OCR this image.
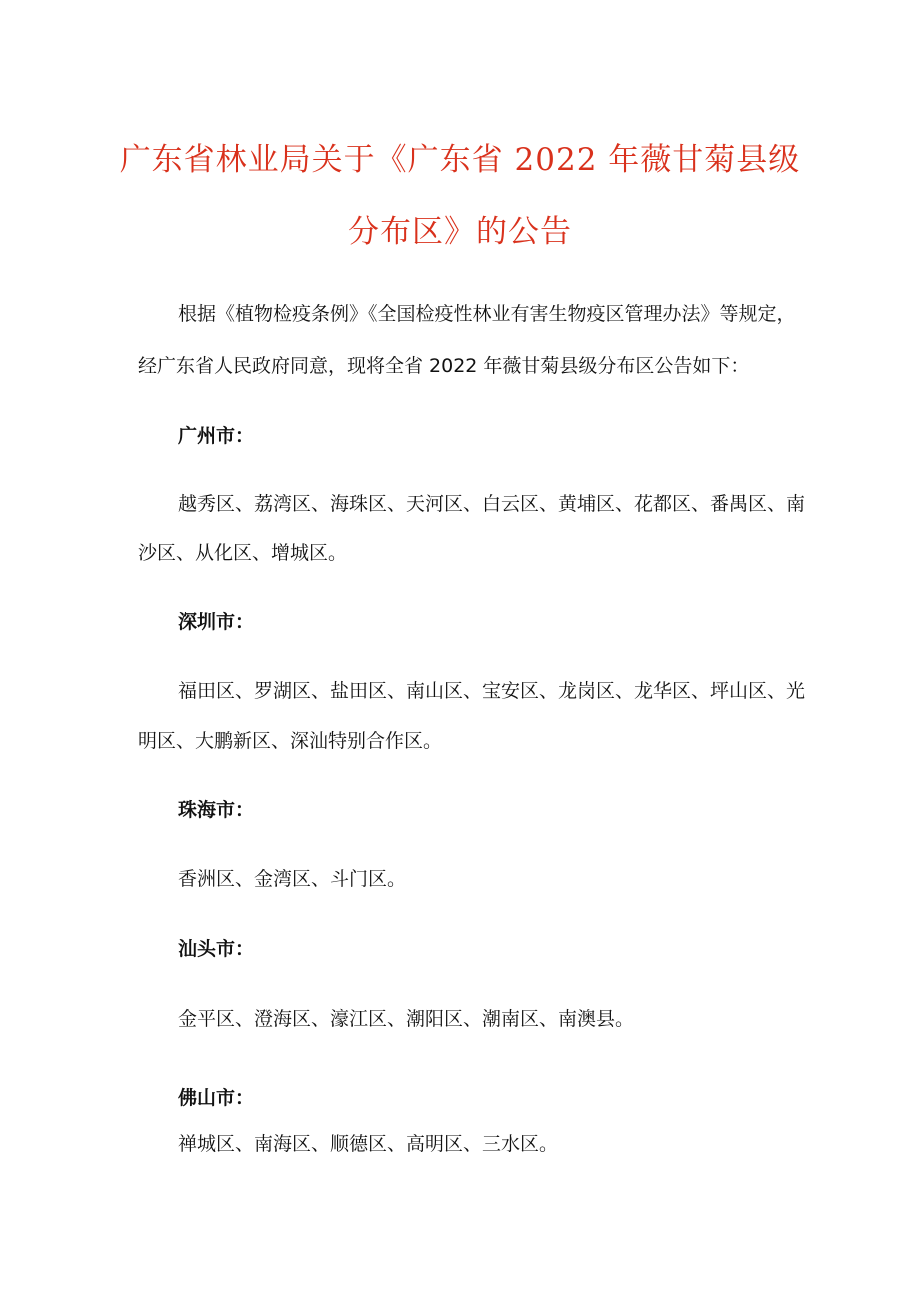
广东省林业局关于《广东省 2022 年薇甘菊县级
分布区》的公告
根据《植物检疫条例》《全国检疫性林业有害生物疫区管理办法》等规定，
经广东省人民政府同意，现将全省 2022 年薇甘菊县级分布区公告如下：
广州市：
越秀区、荔湾区、海珠区、天河区、白云区、黄埔区、花都区、番禺区、南
沙区、从化区、增城区。
深圳市：
福田区、罗湖区、盐田区、南山区、宝安区、龙岗区、龙华区、坪山区、光
明区、大鹏新区、深汕特别合作区。
珠海市：
香洲区、金湾区、斗门区。
汕头市：
金平区、澄海区、濠江区、潮阳区、潮南区、南澳县。
佛山市：
禅城区、南海区、顺德区、高明区、三水区。
